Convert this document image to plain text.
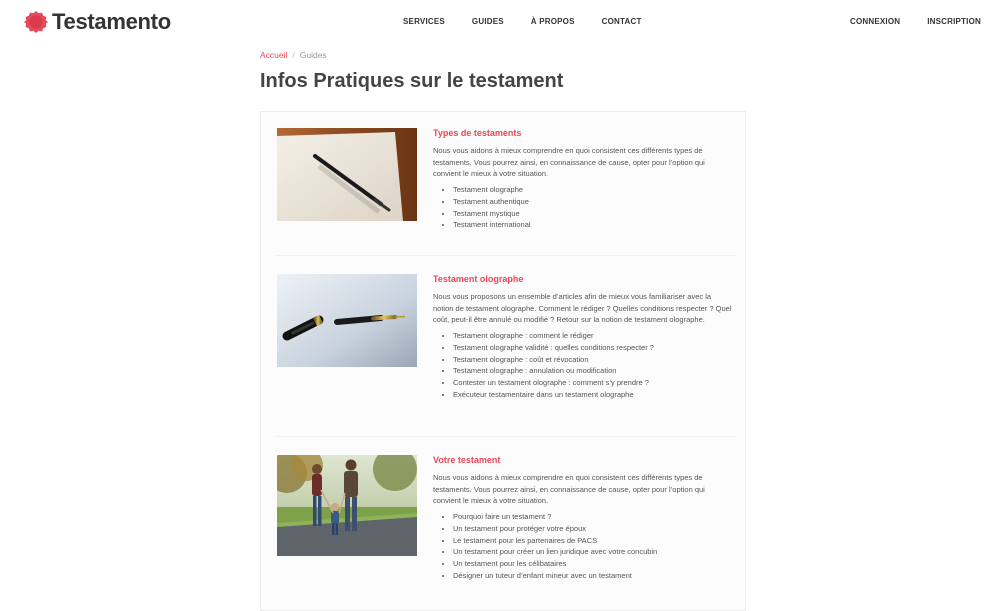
Testamento	SERVICES	GUIDES	À PROPOS	CONTACT	CONNEXION	INSCRIPTION
Accueil / Guides
Infos Pratiques sur le testament
Types de testaments

Nous vous aidons à mieux comprendre en quoi consistent ces différents types de testaments. Vous pourrez ainsi, en connaissance de cause, opter pour l’option qui convient le mieux à votre situation.

• Testament olographe
• Testament authentique
• Testament mystique
• Testament international
Testament olographe

Nous vous proposons un ensemble d’articles afin de mieux vous familiariser avec la notion de testament olographe. Comment le rédiger ? Quelles conditions respecter ? Quel coût, peut-il être annulé ou modifié ? Retour sur la notion de testament olographe.

• Testament olographe : comment le rédiger
• Testament olographe validité : quelles conditions respecter ?
• Testament olographe : coût et révocation
• Testament olographe : annulation ou modification
• Contester un testament olographe : comment s’y prendre ?
• Exécuteur testamentaire dans un testament olographe
Votre testament

Nous vous aidons à mieux comprendre en quoi consistent ces différents types de testaments. Vous pourrez ainsi, en connaissance de cause, opter pour l’option qui convient le mieux à votre situation.

• Pourquoi faire un testament ?
• Un testament pour protéger votre époux
• Le testament pour les partenaires de PACS
• Un testament pour créer un lien juridique avec votre concubin
• Un testament pour les célibataires
• Désigner un tuteur d’enfant mineur avec un testament
